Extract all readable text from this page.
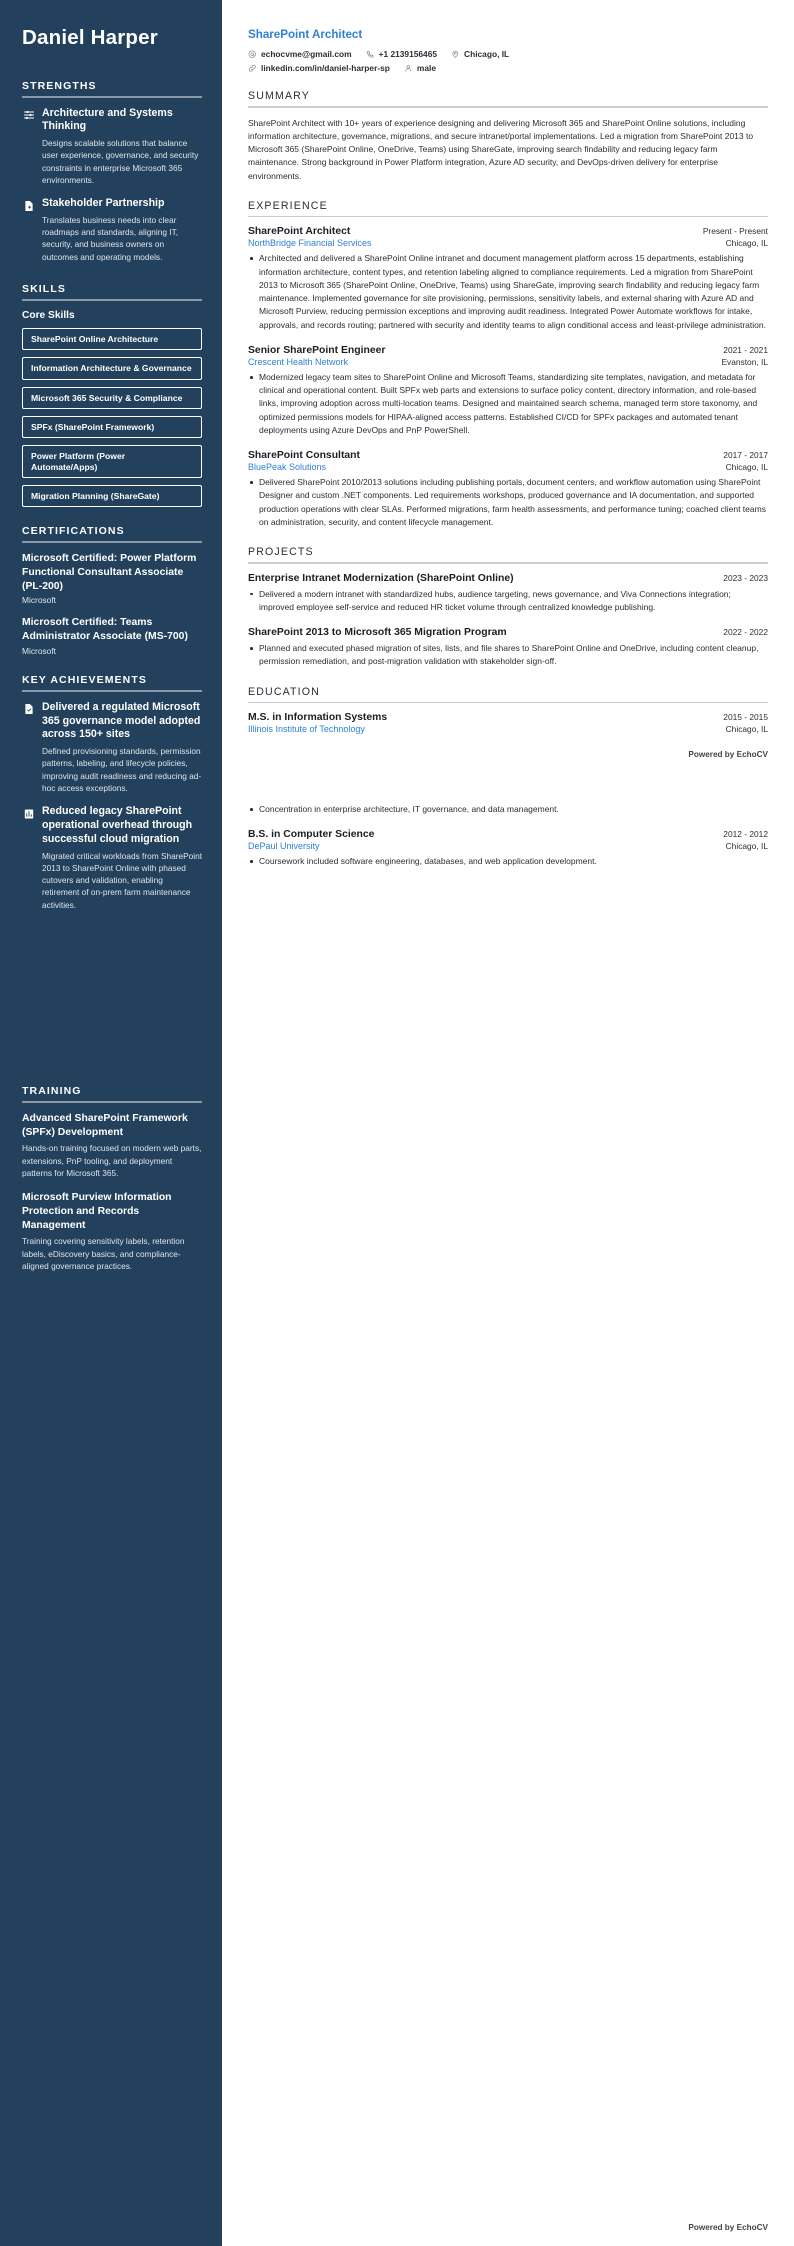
Daniel Harper
STRENGTHS
Architecture and Systems Thinking
Designs scalable solutions that balance user experience, governance, and security constraints in enterprise Microsoft 365 environments.
Stakeholder Partnership
Translates business needs into clear roadmaps and standards, aligning IT, security, and business owners on outcomes and operating models.
SKILLS
Core Skills
SharePoint Online Architecture
Information Architecture & Governance
Microsoft 365 Security & Compliance
SPFx (SharePoint Framework)
Power Platform (Power Automate/Apps)
Migration Planning (ShareGate)
CERTIFICATIONS
Microsoft Certified: Power Platform Functional Consultant Associate (PL-200)
Microsoft
Microsoft Certified: Teams Administrator Associate (MS-700)
Microsoft
KEY ACHIEVEMENTS
Delivered a regulated Microsoft 365 governance model adopted across 150+ sites
Defined provisioning standards, permission patterns, labeling, and lifecycle policies, improving audit readiness and reducing ad-hoc access exceptions.
Reduced legacy SharePoint operational overhead through successful cloud migration
Migrated critical workloads from SharePoint 2013 to SharePoint Online with phased cutovers and validation, enabling retirement of on-prem farm maintenance activities.
TRAINING
Advanced SharePoint Framework (SPFx) Development
Hands-on training focused on modern web parts, extensions, PnP tooling, and deployment patterns for Microsoft 365.
Microsoft Purview Information Protection and Records Management
Training covering sensitivity labels, retention labels, eDiscovery basics, and compliance-aligned governance practices.
SharePoint Architect
echocvme@gmail.com	+1 2139156465	Chicago, IL
linkedin.com/in/daniel-harper-sp	male
SUMMARY

SharePoint Architect with 10+ years of experience designing and delivering Microsoft 365 and SharePoint Online solutions, including information architecture, governance, migrations, and secure intranet/portal implementations. Led a migration from SharePoint 2013 to Microsoft 365 (SharePoint Online, OneDrive, Teams) using ShareGate, improving search findability and reducing legacy farm maintenance. Strong background in Power Platform integration, Azure AD security, and DevOps-driven delivery for enterprise environments.

EXPERIENCE
SharePoint Architect	Present - Present
NorthBridge Financial Services	Chicago, IL
Architected and delivered a SharePoint Online intranet and document management platform across 15 departments, establishing information architecture, content types, and retention labeling aligned to compliance requirements. Led a migration from SharePoint 2013 to Microsoft 365 (SharePoint Online, OneDrive, Teams) using ShareGate, improving search findability and reducing legacy farm maintenance. Implemented governance for site provisioning, permissions, sensitivity labels, and external sharing with Azure AD and Microsoft Purview, reducing permission exceptions and improving audit readiness. Integrated Power Automate workflows for intake, approvals, and records routing; partnered with security and identity teams to align conditional access and least-privilege administration.
Senior SharePoint Engineer	2021 - 2021
Crescent Health Network	Evanston, IL
Modernized legacy team sites to SharePoint Online and Microsoft Teams, standardizing site templates, navigation, and metadata for clinical and operational content. Built SPFx web parts and extensions to surface policy content, directory information, and role-based links, improving adoption across multi-location teams. Designed and maintained search schema, managed term store taxonomy, and optimized permissions models for HIPAA-aligned access patterns. Established CI/CD for SPFx packages and automated tenant deployments using Azure DevOps and PnP PowerShell.
SharePoint Consultant	2017 - 2017
BluePeak Solutions	Chicago, IL
Delivered SharePoint 2010/2013 solutions including publishing portals, document centers, and workflow automation using SharePoint Designer and custom .NET components. Led requirements workshops, produced governance and IA documentation, and supported production operations with clear SLAs. Performed migrations, farm health assessments, and performance tuning; coached client teams on administration, security, and content lifecycle management.
PROJECTS
Enterprise Intranet Modernization (SharePoint Online)	2023 - 2023
Delivered a modern intranet with standardized hubs, audience targeting, news governance, and Viva Connections integration; improved employee self-service and reduced HR ticket volume through centralized knowledge publishing.
SharePoint 2013 to Microsoft 365 Migration Program	2022 - 2022
Planned and executed phased migration of sites, lists, and file shares to SharePoint Online and OneDrive, including content cleanup, permission remediation, and post-migration validation with stakeholder sign-off.
EDUCATION
M.S. in Information Systems	2015 - 2015
Illinois Institute of Technology	Chicago, IL
Powered by EchoCV
Concentration in enterprise architecture, IT governance, and data management.
B.S. in Computer Science	2012 - 2012
DePaul University	Chicago, IL
Coursework included software engineering, databases, and web application development.
Powered by EchoCV
